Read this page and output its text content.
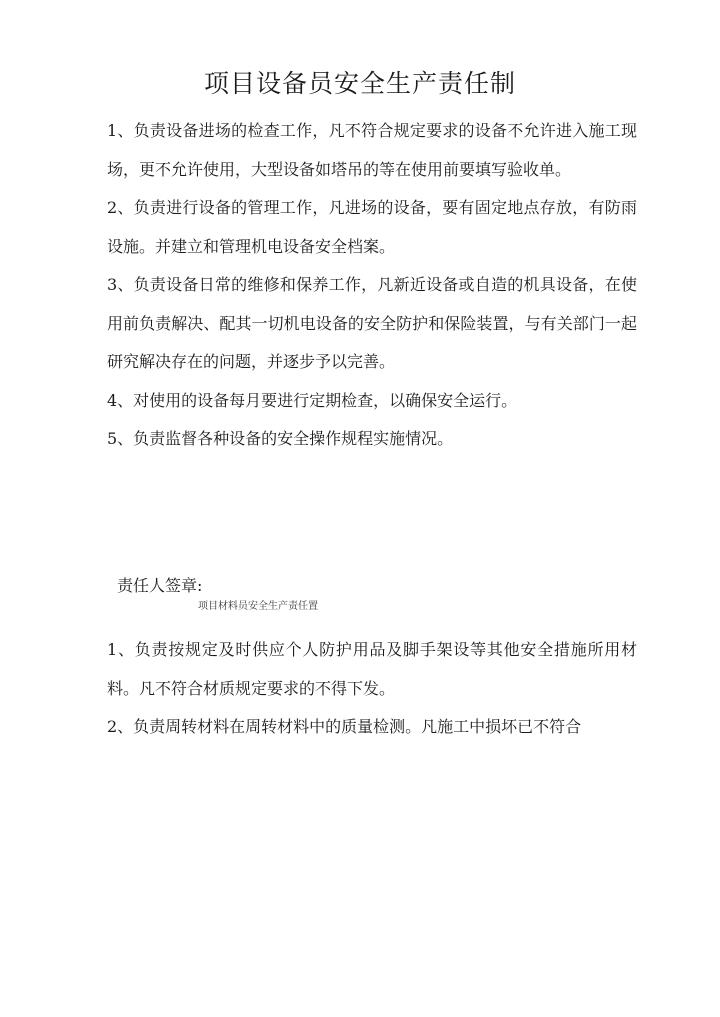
项目设备员安全生产责任制

1、负责设备进场的检查工作，凡不符合规定要求的设备不允许进入施工现场，更不允许使用，大型设备如塔吊的等在使用前要填写验收单。

2、负责进行设备的管理工作，凡进场的设备，要有固定地点存放，有防雨设施。并建立和管理机电设备安全档案。

3、负责设备日常的维修和保养工作，凡新近设备或自造的机具设备，在使用前负责解决、配其一切机电设备的安全防护和保险装置，与有关部门一起研究解决存在的问题，并逐步予以完善。

4、对使用的设备每月要进行定期检查，以确保安全运行。

5、负责监督各种设备的安全操作规程实施情况。

责任人签章:
项目材料员安全生产责任置

1、负责按规定及时供应个人防护用品及脚手架设等其他安全措施所用材料。凡不符合材质规定要求的不得下发。

2、负责周转材料在周转材料中的质量检测。凡施工中损坏已不符合
